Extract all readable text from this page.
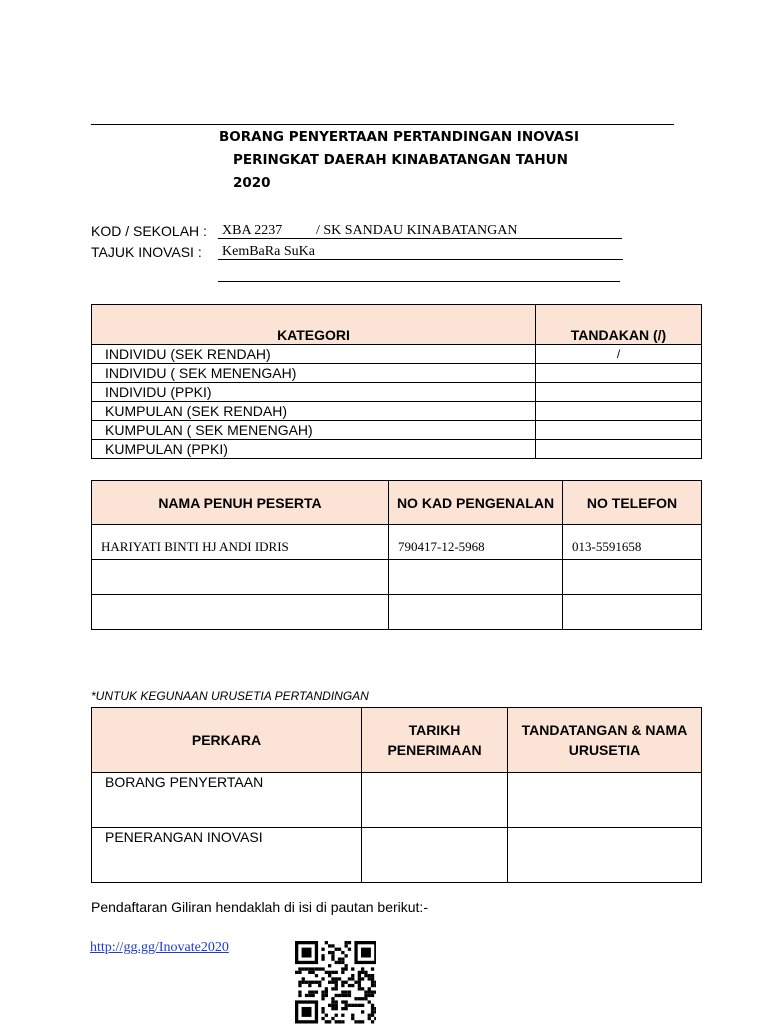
BORANG PENYERTAAN PERTANDINGAN INOVASI
PERINGKAT DAERAH KINABATANGAN TAHUN
2020
KOD / SEKOLAH : XBA 2237 / SK SANDAU KINABATANGAN
TAJUK INOVASI : KemBaRa SuKa
KATEGORI	TANDAKAN (/)
INDIVIDU (SEK RENDAH)	/
INDIVIDU ( SEK MENENGAH)	
INDIVIDU (PPKI)	
KUMPULAN (SEK RENDAH)	
KUMPULAN ( SEK MENENGAH)	
KUMPULAN (PPKI)	
NAMA PENUH PESERTA	NO KAD PENGENALAN	NO TELEFON
HARIYATI BINTI HJ ANDI IDRIS	790417-12-5968	013-5591658

*UNTUK KEGUNAAN URUSETIA PERTANDINGAN
PERKARA	TARIKH PENERIMAAN	TANDATANGAN & NAMA URUSETIA
BORANG PENYERTAAN		
PENERANGAN INOVASI		
Pendaftaran Giliran hendaklah di isi di pautan berikut:-
http://gg.gg/Inovate2020
